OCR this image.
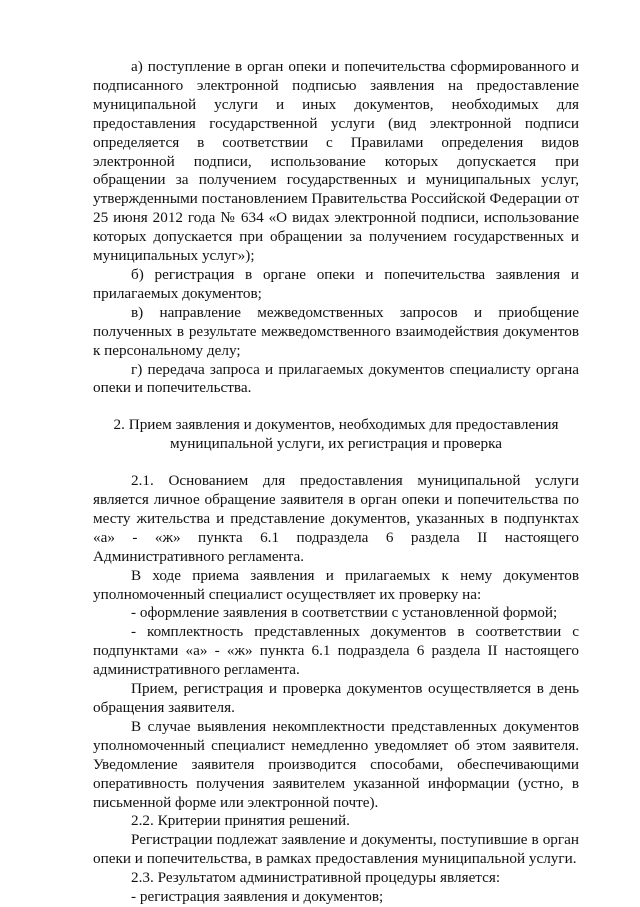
а) поступление в орган опеки и попечительства сформированного и подписанного электронной подписью заявления на предоставление муниципальной услуги и иных документов, необходимых для предоставления государственной услуги (вид электронной подписи определяется в соответствии с Правилами определения видов электронной подписи, использование которых допускается при обращении за получением государственных и муниципальных услуг, утвержденными постановлением Правительства Российской Федерации от 25 июня 2012 года № 634 «О видах электронной подписи, использование которых допускается при обращении за получением государственных и муниципальных услуг»);

б) регистрация в органе опеки и попечительства заявления и прилагаемых документов;

в) направление межведомственных запросов и приобщение полученных в результате межведомственного взаимодействия документов к персональному делу;

г) передача запроса и прилагаемых документов специалисту органа опеки и попечительства.

2. Прием заявления и документов, необходимых для предоставления
муниципальной услуги, их регистрация и проверка

2.1. Основанием для предоставления муниципальной услуги является личное обращение заявителя в орган опеки и попечительства по месту жительства и представление документов, указанных в подпунктах «а» - «ж» пункта 6.1 подраздела 6 раздела II настоящего Административного регламента.

В ходе приема заявления и прилагаемых к нему документов уполномоченный специалист осуществляет их проверку на:

- оформление заявления в соответствии с установленной формой;

- комплектность представленных документов в соответствии с подпунктами «а» - «ж» пункта 6.1 подраздела 6 раздела II настоящего административного регламента.

Прием, регистрация и проверка документов осуществляется в день обращения заявителя.

В случае выявления некомплектности представленных документов уполномоченный специалист немедленно уведомляет об этом заявителя. Уведомление заявителя производится способами, обеспечивающими оперативность получения заявителем указанной информации (устно, в письменной форме или электронной почте).

2.2. Критерии принятия решений.

Регистрации подлежат заявление и документы, поступившие в орган опеки и попечительства, в рамках предоставления муниципальной услуги.

2.3. Результатом административной процедуры является:

- регистрация заявления и документов;
